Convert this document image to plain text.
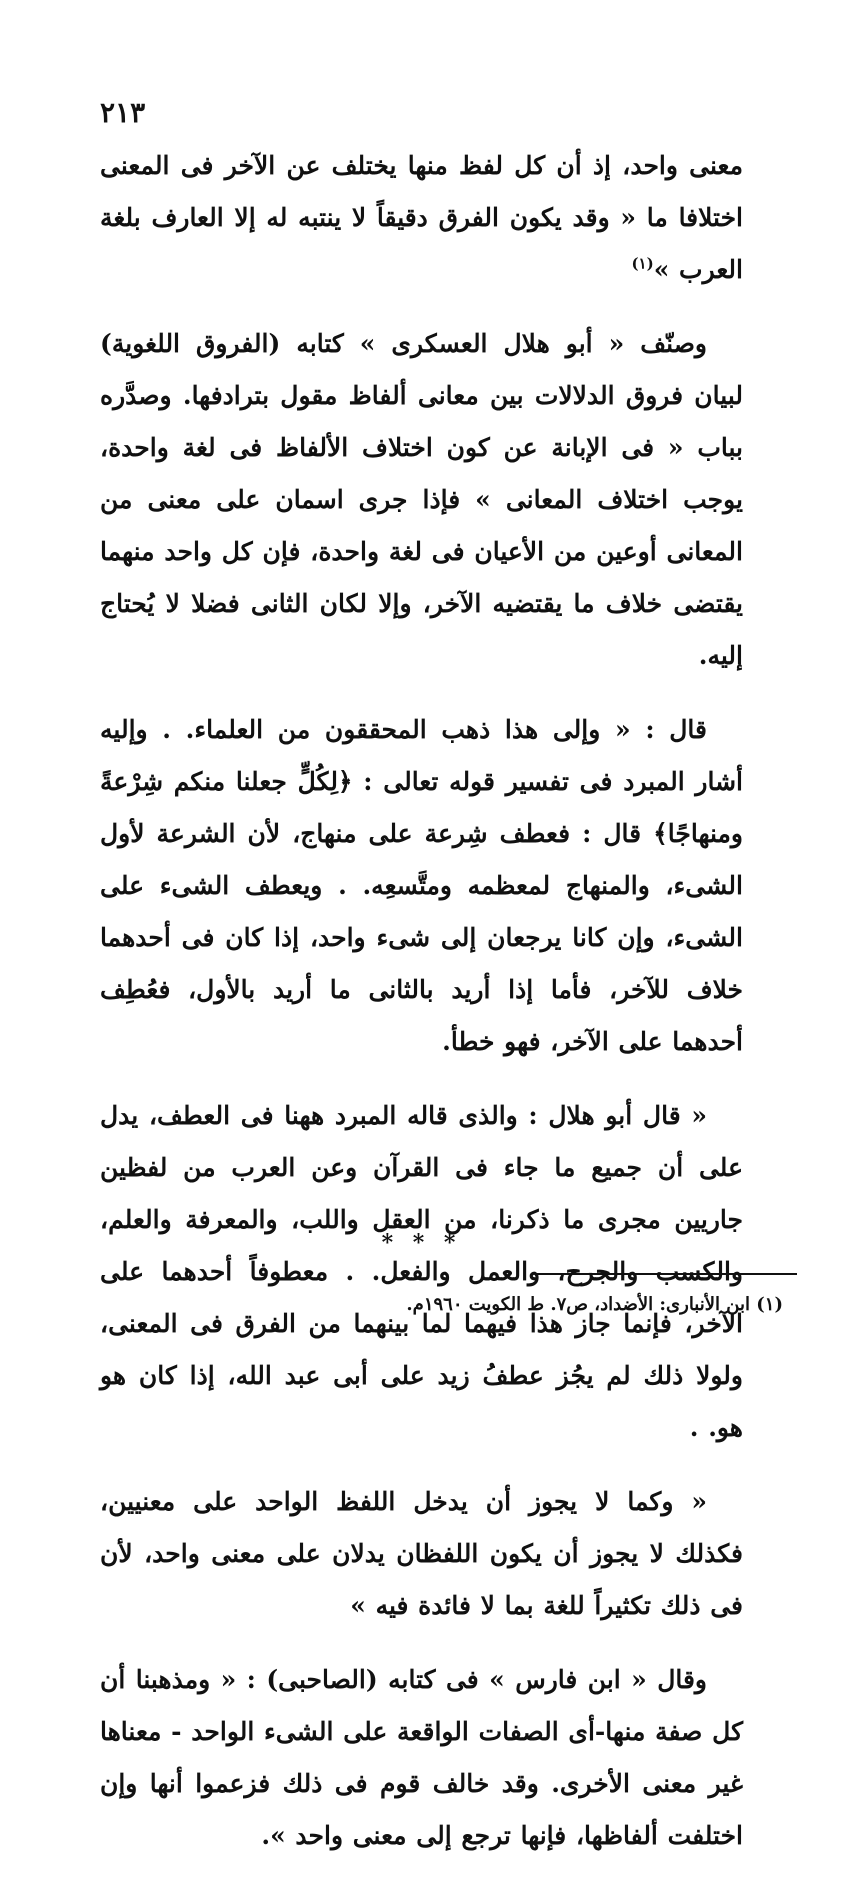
٢١٣

معنى واحد، إذ أن كل لفظ منها يختلف عن الآخر فى المعنى اختلافا ما « وقد يكون الفرق دقيقاً لا ينتبه له إلا العارف بلغة العرب »$^{(١)}$

وصنّف « أبو هلال العسكرى » كتابه (الفروق اللغوية) لبيان فروق الدلالات بين معانى ألفاظ مقول بترادفها. وصدَّره بباب « فى الإبانة عن كون اختلاف الألفاظ فى لغة واحدة، يوجب اختلاف المعانى » فإذا جرى اسمان على معنى من المعانى أوعين من الأعيان فى لغة واحدة، فإن كل واحد منهما يقتضى خلاف ما يقتضيه الآخر، وإلا لكان الثانى فضلا لا يُحتاج إليه.

قال : « وإلى هذا ذهب المحققون من العلماء. . وإليه أشار المبرد فى تفسير قوله تعالى : ﴿لِكُلٍّ جعلنا منكم شِرْعةً ومنهاجًا﴾ قال : فعطف شِرعة على منهاج، لأن الشرعة لأول الشىء، والمنهاج لمعظمه ومتَّسعِه. . ويعطف الشىء على الشىء، وإن كانا يرجعان إلى شىء واحد، إذا كان فى أحدهما خلاف للآخر، فأما إذا أريد بالثانى ما أريد بالأول، فعُطِف أحدهما على الآخر، فهو خطأ.

« قال أبو هلال : والذى قاله المبرد ههنا فى العطف، يدل على أن جميع ما جاء فى القرآن وعن العرب من لفظين جاريين مجرى ما ذكرنا، من العقل واللب، والمعرفة والعلم، والكسب والجرح، والعمل والفعل. . معطوفاً أحدهما على الآخر، فإنما جاز هذا فيهما لما بينهما من الفرق فى المعنى، ولولا ذلك لم يجُز عطفُ زيد على أبى عبد الله، إذا كان هو هو. .

« وكما لا يجوز أن يدخل اللفظ الواحد على معنيين، فكذلك لا يجوز أن يكون اللفظان يدلان على معنى واحد، لأن فى ذلك تكثيراً للغة بما لا فائدة فيه »

وقال « ابن فارس » فى كتابه (الصاحبى) : « ومذهبنا أن كل صفة منها-أى الصفات الواقعة على الشىء الواحد - معناها غير معنى الأخرى. وقد خالف قوم فى ذلك فزعموا أنها وإن اختلفت ألفاظها، فإنها ترجع إلى معنى واحد ».

* * *
(١) ابن الأنبارى: الأضداد، ص٧. ط الكويت ١٩٦٠م.
